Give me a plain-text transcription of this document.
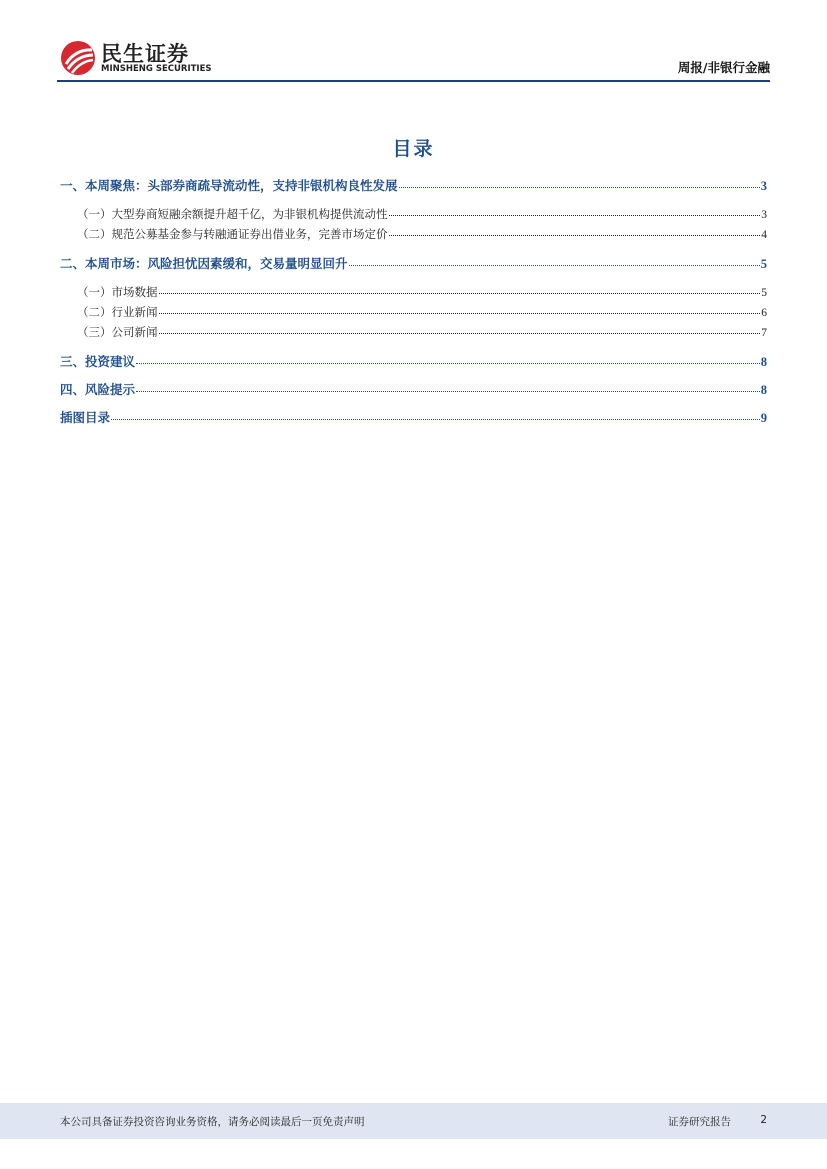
民生证券
MINSHENG SECURITIES	周报/非银行金融
目录
一、本周聚焦：头部券商疏导流动性，支持非银机构良性发展	3
（一）大型券商短融余额提升超千亿，为非银机构提供流动性	3
（二）规范公募基金参与转融通证券出借业务，完善市场定价	4
二、本周市场：风险担忧因素缓和，交易量明显回升	5
（一）市场数据	5
（二）行业新闻	6
（三）公司新闻	7
三、投资建议	8
四、风险提示	8
插图目录	9
本公司具备证券投资咨询业务资格，请务必阅读最后一页免责声明	证券研究报告	2
